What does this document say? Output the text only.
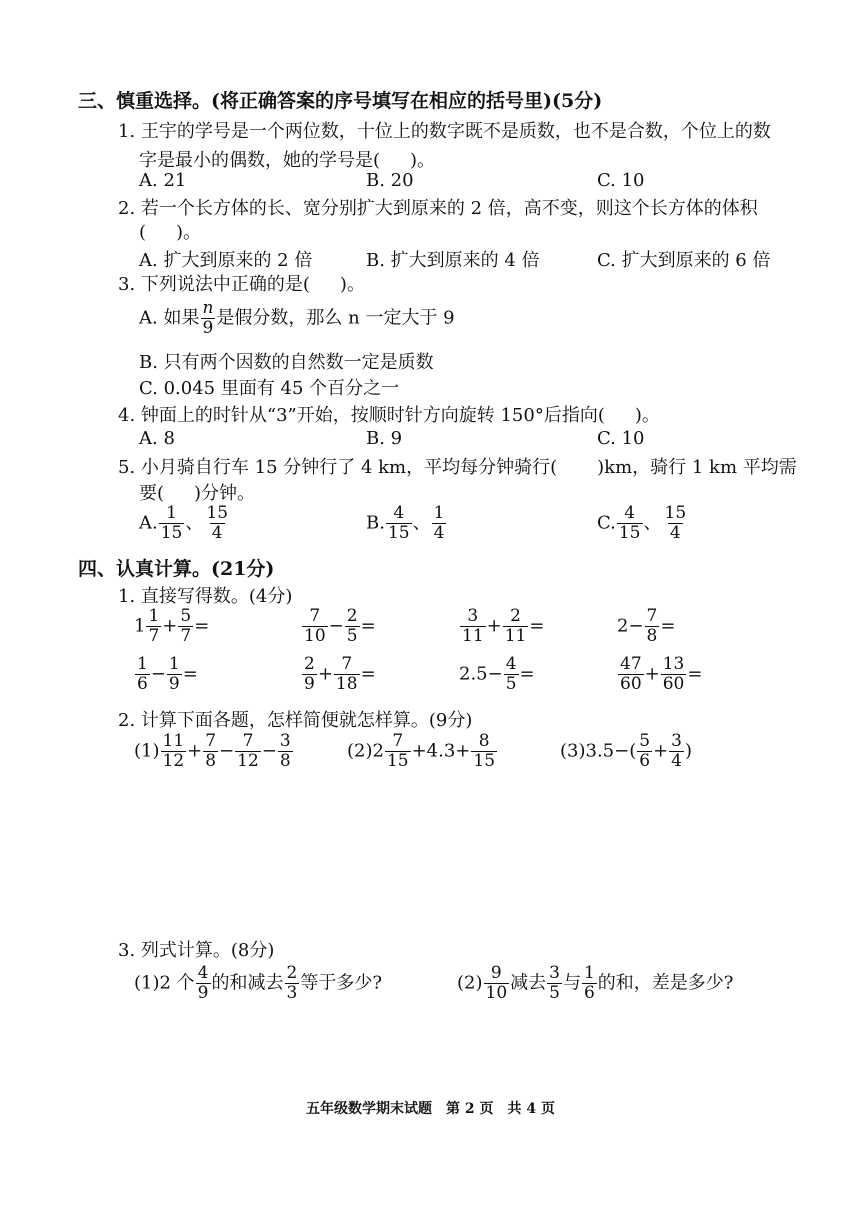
三、慎重选择。(将正确答案的序号填写在相应的括号里)(5分)
1. 王宇的学号是一个两位数，十位上的数字既不是质数，也不是合数，个位上的数
字是最小的偶数，她的学号是( )。
A. 21	B. 20	C. 10
2. 若一个长方体的长、宽分别扩大到原来的 2 倍，高不变，则这个长方体的体积
( )。
A. 扩大到原来的 2 倍	B. 扩大到原来的 4 倍	C. 扩大到原来的 6 倍
3. 下列说法中正确的是( )。
A. 如果 $\frac{n}{9}$ 是假分数，那么 n 一定大于 9
B. 只有两个因数的自然数一定是质数
C. 0.045 里面有 45 个百分之一
4. 钟面上的时针从“3”开始，按顺时针方向旋转 150°后指向( )。
A. 8	B. 9	C. 10
5. 小月骑自行车 15 分钟行了 4 km，平均每分钟骑行( )km，骑行 1 km 平均需
要( )分钟。
A. $\frac{1}{15}$ 、 $\frac{15}{4}$	B. $\frac{4}{15}$ 、 $\frac{1}{4}$	C. $\frac{4}{15}$ 、 $\frac{15}{4}$
四、认真计算。(21分)
1. 直接写得数。(4分)
$1 \frac{1}{7} + \frac{5}{7}$ =	$\frac{7}{10} - \frac{2}{5}$ =	$\frac{3}{11} + \frac{2}{11}$ =	$2- \frac{7}{8}$ =
$\frac{1}{6} - \frac{1}{9}$ =	$\frac{2}{9} + \frac{7}{18}$ =	$2.5- \frac{4}{5}$ =	$\frac{47}{60} + \frac{13}{60}$ =
2. 计算下面各题，怎样简便就怎样算。(9分)
$(1) \frac{11}{12} + \frac{7}{8} - \frac{7}{12} - \frac{3}{8}$	$(2)2 \frac{7}{15} +4.3+ \frac{8}{15}$	$(3)3.5-( \frac{5}{6} + \frac{3}{4}$ )
3. 列式计算。(8分)
(1)2 个 $\frac{4}{9}$ 的和减去 $\frac{2}{3}$ 等于多少?	$(2) \frac{9}{10}$ 减去 $\frac{3}{5}$ 与 $\frac{1}{6}$ 的和，差是多少?
五年级数学期末试题　第 2 页　共 4 页
